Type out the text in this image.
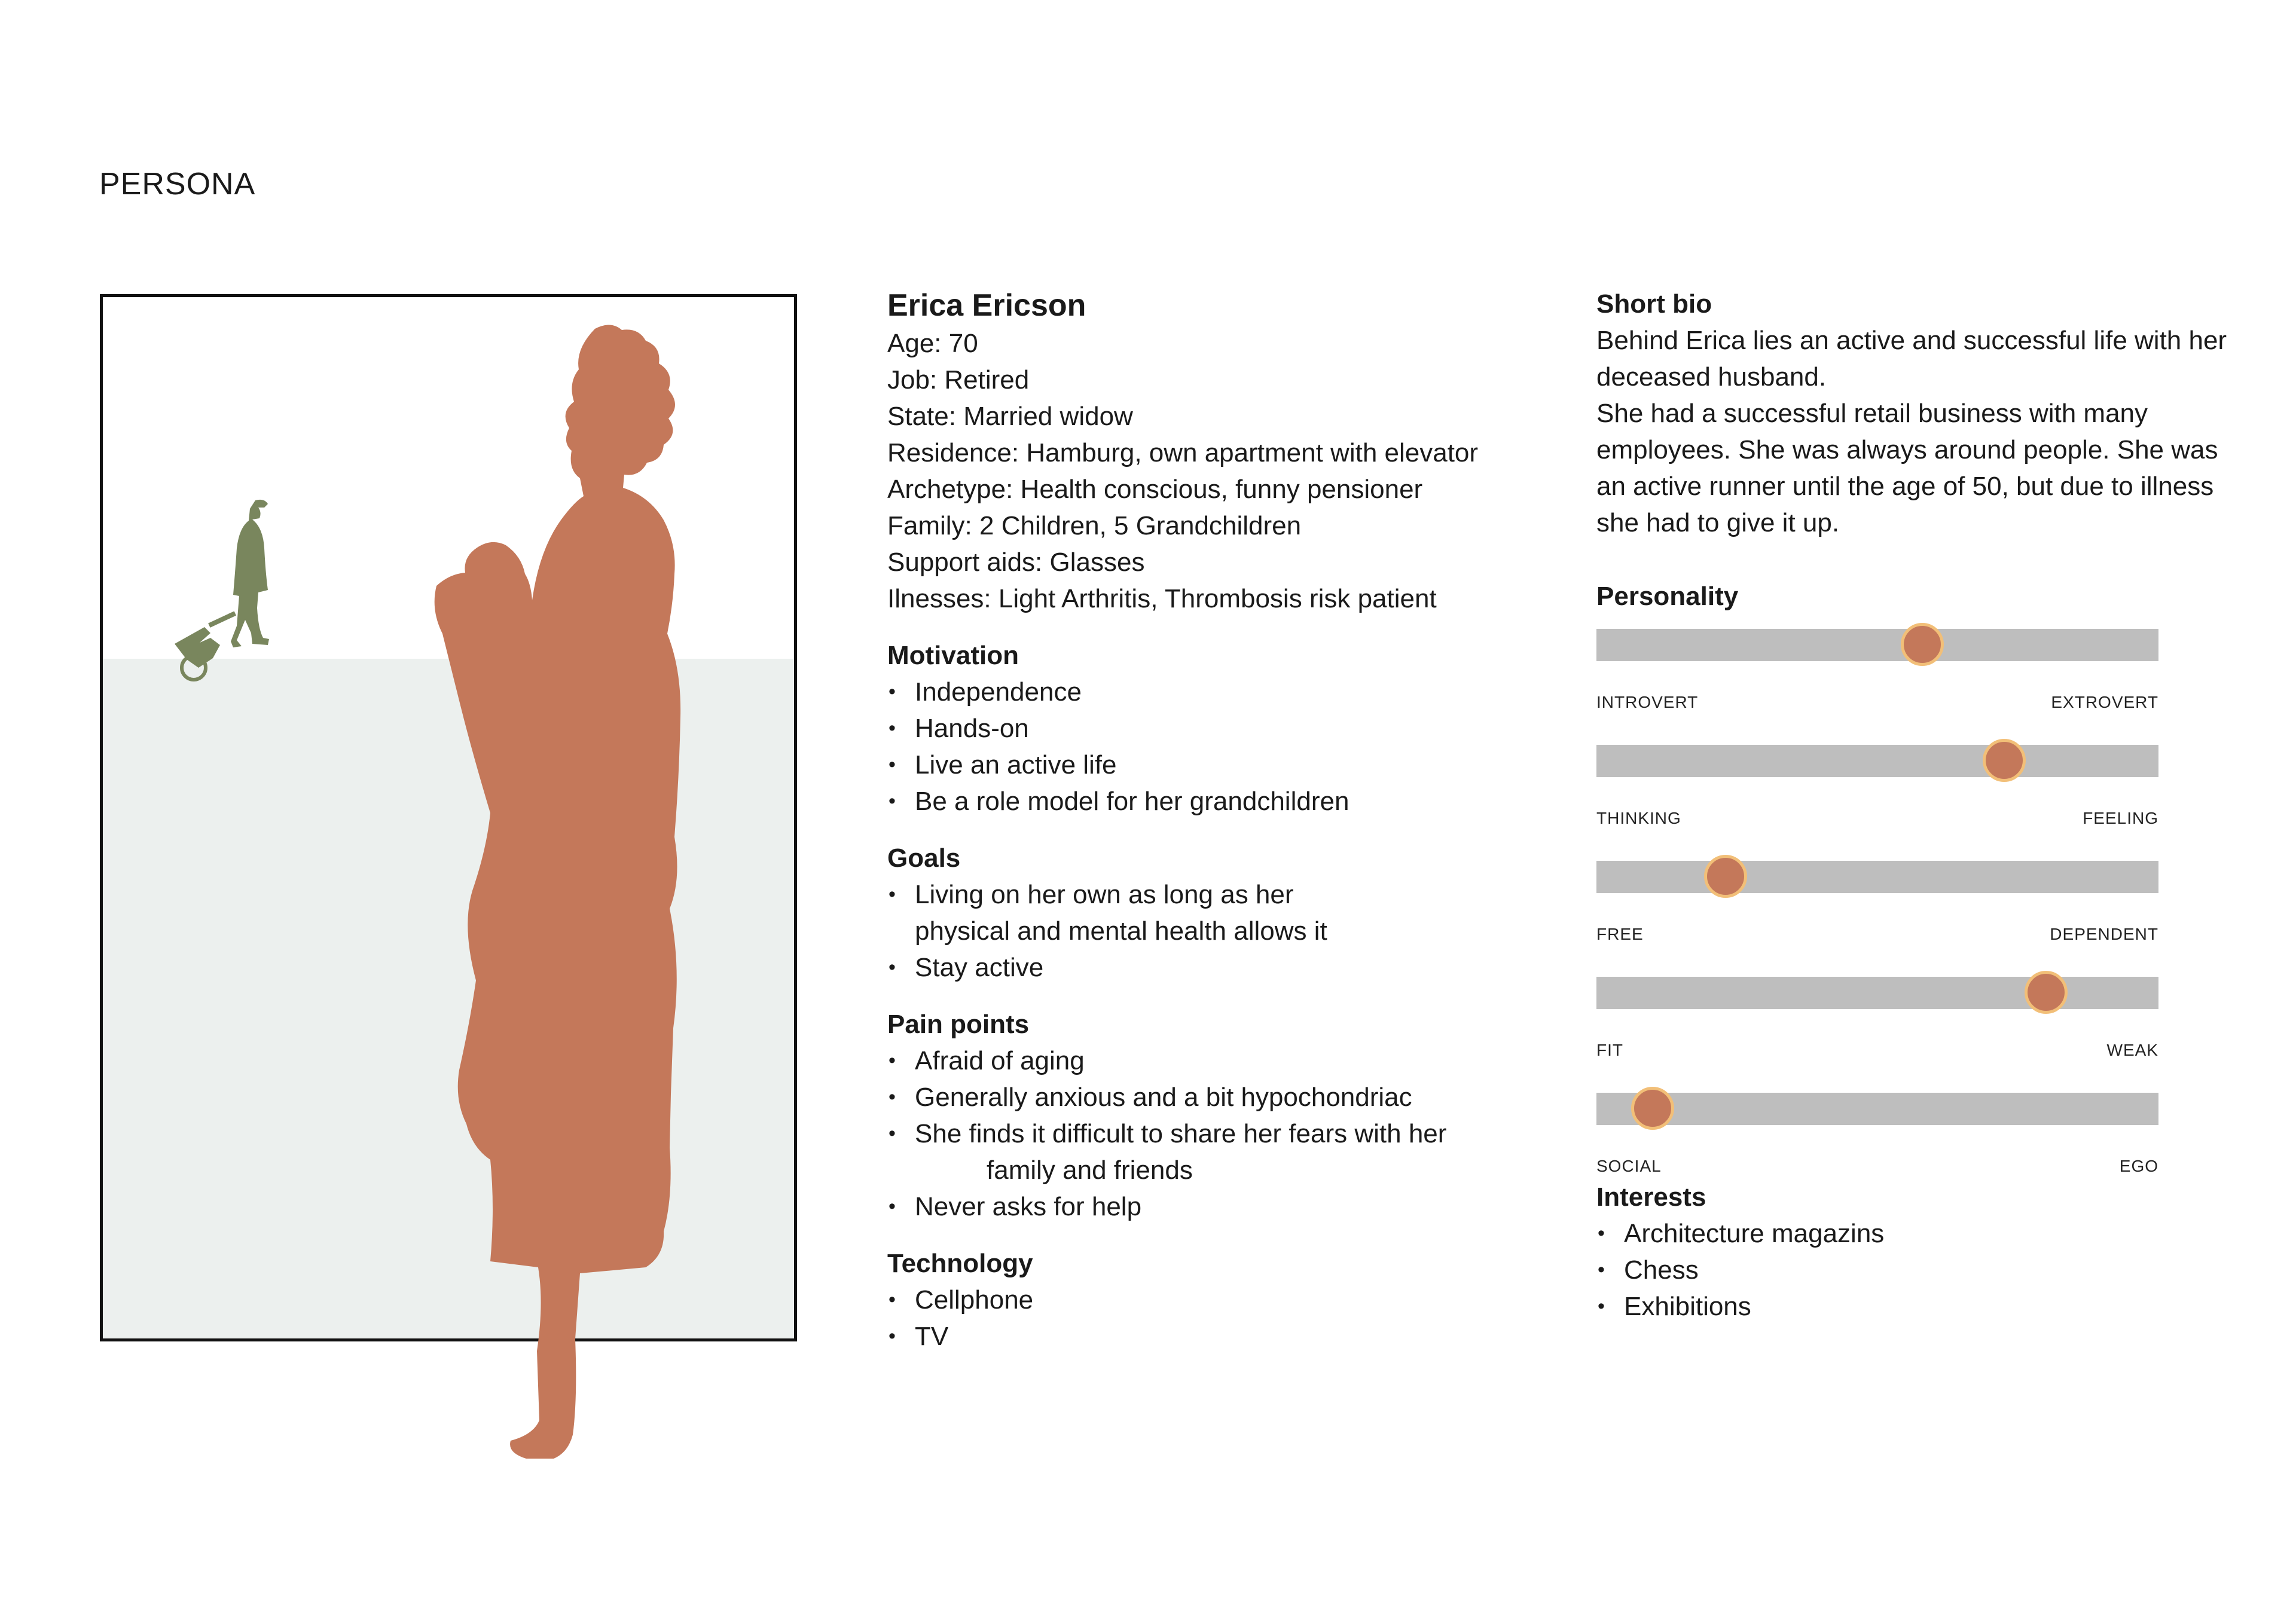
PERSONA
Erica Ericson

Age: 70

Job: Retired

State: Married widow

Residence: Hamburg, own apartment with elevator

Archetype: Health conscious, funny pensioner

Family: 2 Children, 5 Grandchildren

Support aids: Glasses

Ilnesses: Light Arthritis, Thrombosis risk patient

Motivation
• Independence
• Hands-on
• Live an active life
• Be a role model for her grandchildren
Goals
• Living on her own as long as her
physical and mental health allows it
• Stay active
Pain points
• Afraid of aging
• Generally anxious and a bit hypochondriac
• She finds it difficult to share her fears with her
family and friends
• Never asks for help
Technology
• Cellphone
• TV
Short bio

Behind Erica lies an active and successful life with her deceased husband.

She had a successful retail business with many employees. She was always around people. She was an active runner until the age of 50, but due to illness she had to give it up.

Personality
INTROVERT	EXTROVERT
THINKING	FEELING
FREE	DEPENDENT
FIT	WEAK
SOCIAL	EGO
Interests
• Architecture magazins
• Chess
• Exhibitions
